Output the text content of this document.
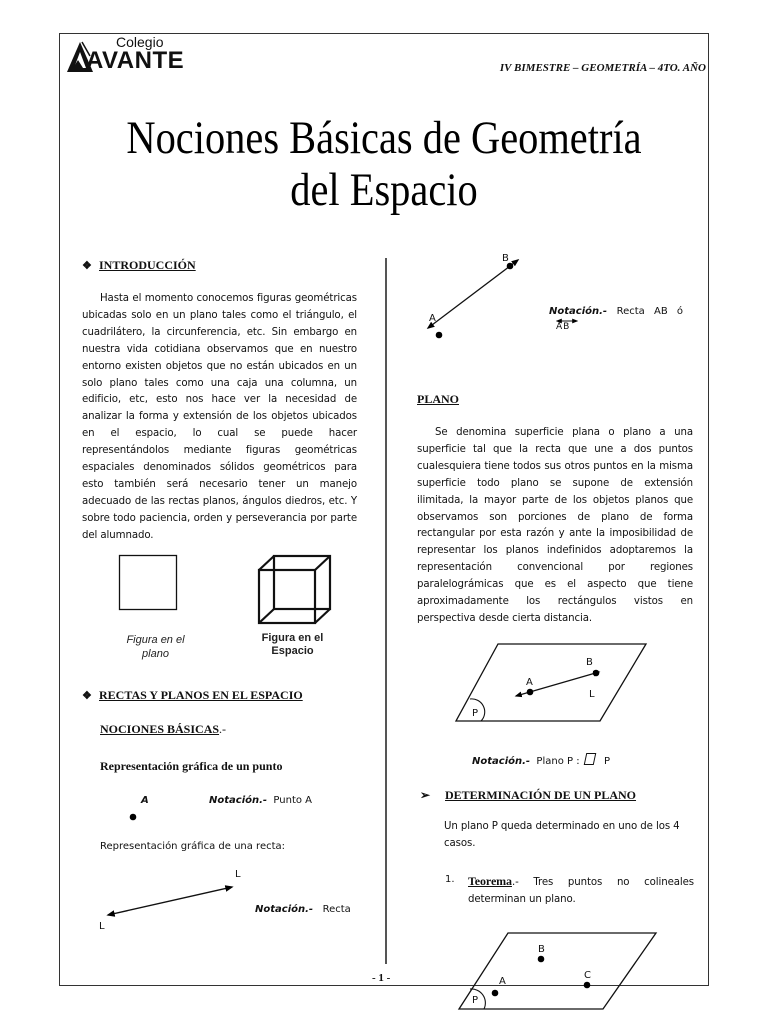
Colegio
AVANTE	IV BIMESTRE – GEOMETRÍA – 4TO. AÑO
Nociones Básicas de Geometría
del Espacio
❖ INTRODUCCIÓN
Hasta el momento conocemos figuras geométricas ubicadas solo en un plano tales como el triángulo, el cuadrilátero, la circunferencia, etc. Sin embargo en nuestra vida cotidiana observamos que en nuestro entorno existen objetos que no están ubicados en un solo plano tales como una caja una columna, un edificio, etc, esto nos hace ver la necesidad de analizar la forma y extensión de los objetos ubicados en el espacio, lo cual se puede hacer representándolos mediante figuras geométricas espaciales denominados sólidos geométricos para esto también será necesario tener un manejo adecuado de las rectas planos, ángulos diedros, etc. Y sobre todo paciencia, orden y perseverancia por parte del alumnado.
Figura en el
plano
Figura en el
Espacio
❖ RECTAS Y PLANOS EN EL ESPACIO
NOCIONES BÁSICAS.-
Representación gráfica de un punto
A	Notación.- Punto A
Representación gráfica de una recta:
L
L
Notación.- Recta
B
A
Notación.- Recta AB ó
AB
PLANO
Se denomina superficie plana o plano a una superficie tal que la recta que une a dos puntos cualesquiera tiene todos sus otros puntos en la misma superficie todo plano se supone de extensión ilimitada, la mayor parte de los objetos planos que observamos son porciones de plano de forma rectangular por esta razón y ante la imposibilidad de representar los planos indefinidos adoptaremos la representación convencional por regiones paralelográmicas que es el aspecto que tiene aproximadamente los rectángulos vistos en perspectiva desde cierta distancia.
A
B
L
P
Notación.- Plano P : P
➢ DETERMINACIÓN DE UN PLANO
Un plano P queda determinado en uno de los 4 casos.
1. Teorema.- Tres puntos no colineales determinan un plano.
B
A
C
P
- 1 -
